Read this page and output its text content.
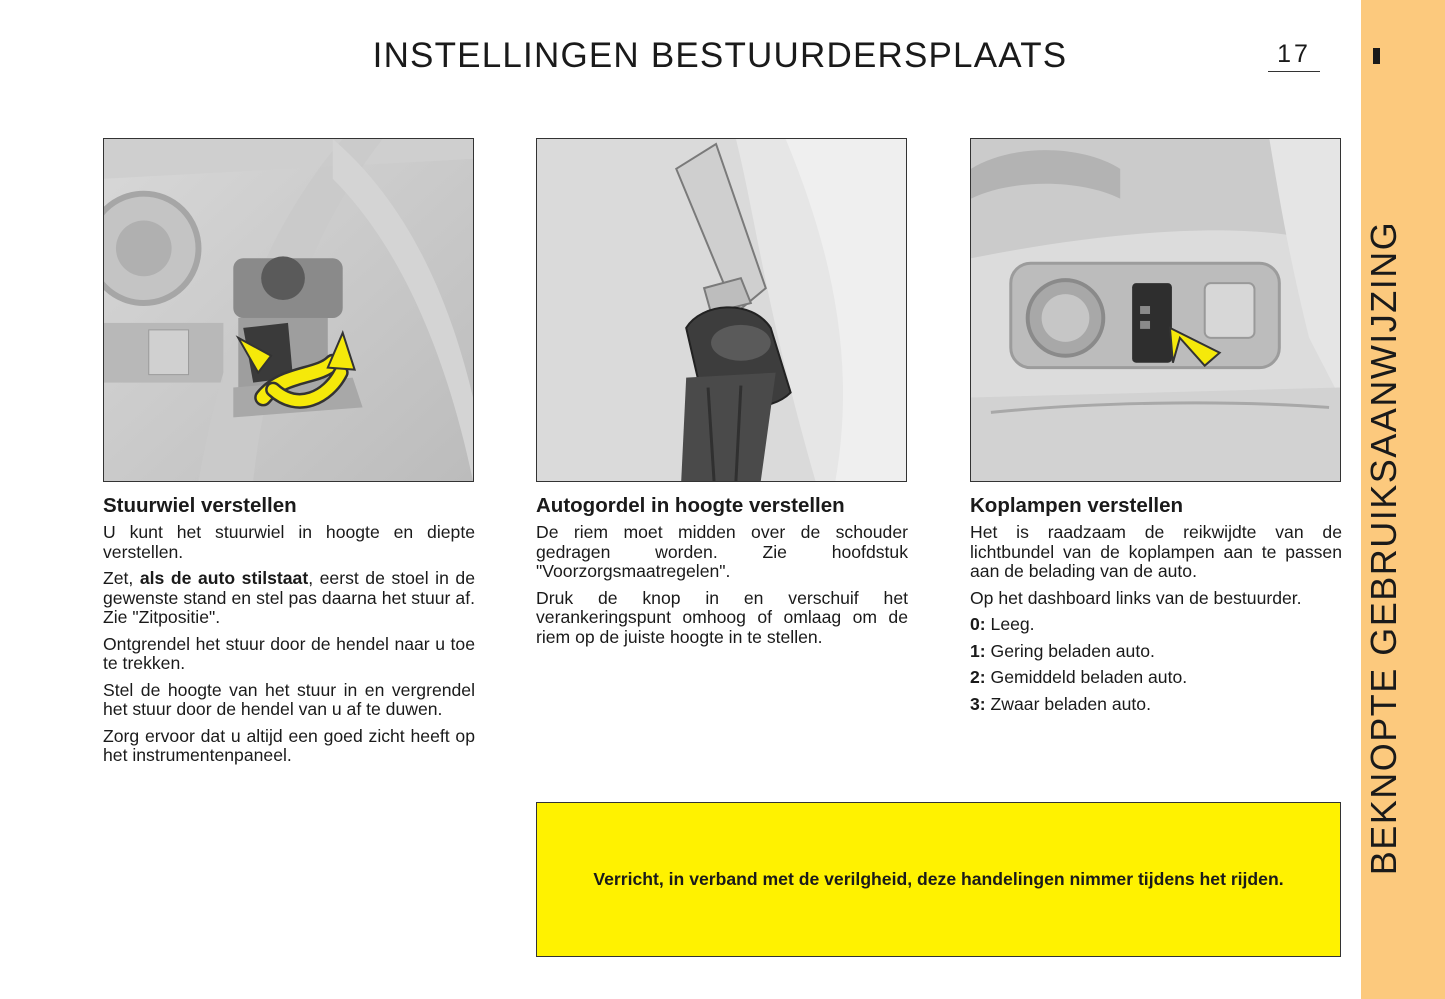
INSTELLINGEN BESTUURDERSPLAATS	17
BEKNOPTE GEBRUIKSAANWIJZING
Stuurwiel verstellen

U kunt het stuurwiel in hoogte en diepte verstellen.

Zet, als de auto stilstaat, eerst de stoel in de gewenste stand en stel pas daarna het stuur af. Zie "Zitpositie".

Ontgrendel het stuur door de hendel naar u toe te trekken.

Stel de hoogte van het stuur in en vergrendel het stuur door de hendel van u af te duwen.

Zorg ervoor dat u altijd een goed zicht heeft op het instrumentenpaneel.

Autogordel in hoogte verstellen

De riem moet midden over de schouder gedragen worden. Zie hoofdstuk "Voorzorgsmaatregelen".

Druk de knop in en verschuif het verankeringspunt omhoog of omlaag om de riem op de juiste hoogte in te stellen.

Koplampen verstellen

Het is raadzaam de reikwijdte van de lichtbundel van de koplampen aan te passen aan de belading van de auto.

Op het dashboard links van de bestuurder.

0: Leeg.

1: Gering beladen auto.

2: Gemiddeld beladen auto.

3: Zwaar beladen auto.

Verricht, in verband met de verilgheid, deze handelingen nimmer tijdens het rijden.
